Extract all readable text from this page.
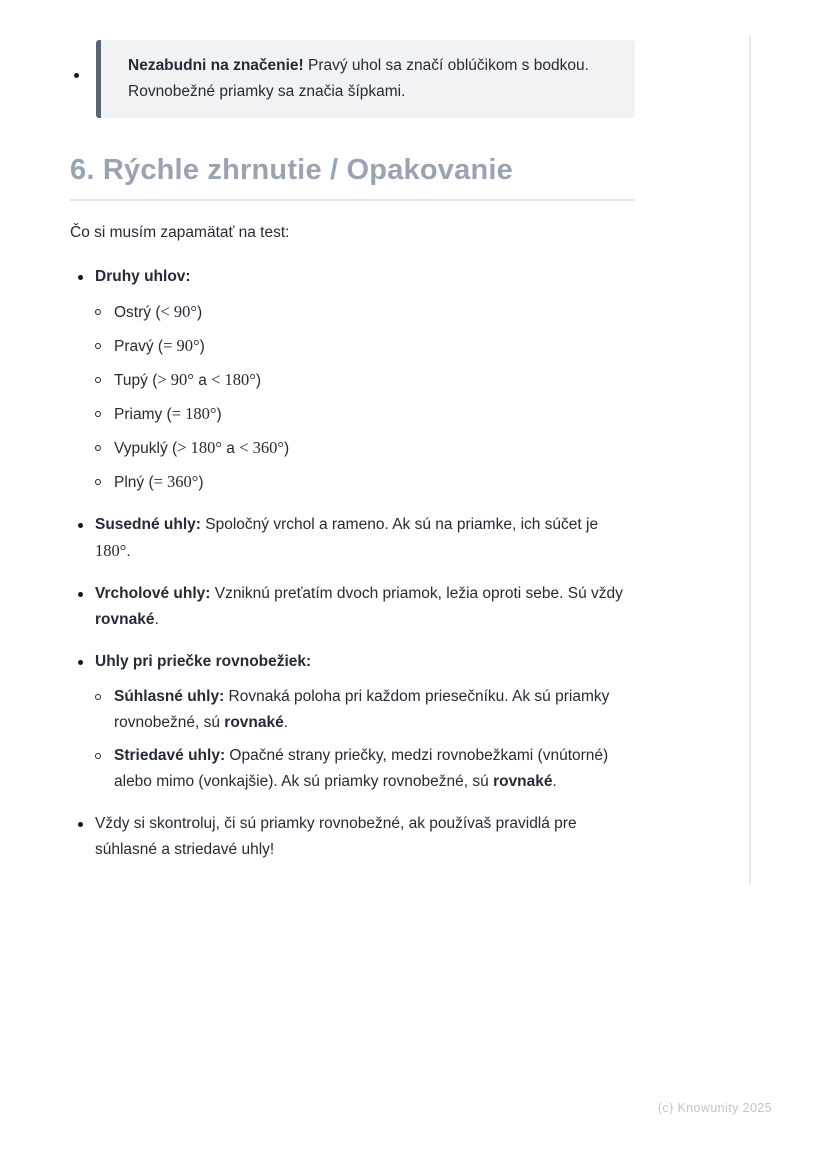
Nezabudni na značenie! Pravý uhol sa značí oblúčikom s bodkou. Rovnobežné priamky sa značia šípkami.
6. Rýchle zhrnutie / Opakovanie

Čo si musím zapamätať na test:

Druhy uhlov:
Ostrý (< 90°)
Pravý (= 90°)
Tupý (> 90° a < 180°)
Priamy (= 180°)
Vypuklý (> 180° a < 360°)
Plný (= 360°)
Susedné uhly: Spoločný vrchol a rameno. Ak sú na priamke, ich súčet je 180°.
Vrcholové uhly: Vzniknú preťatím dvoch priamok, ležia oproti sebe. Sú vždy rovnaké.
Uhly pri priečke rovnobežiek:
Súhlasné uhly: Rovnaká poloha pri každom priesečníku. Ak sú priamky rovnobežné, sú rovnaké.
Striedavé uhly: Opačné strany priečky, medzi rovnobežkami (vnútorné) alebo mimo (vonkajšie). Ak sú priamky rovnobežné, sú rovnaké.
Vždy si skontroluj, či sú priamky rovnobežné, ak používaš pravidlá pre súhlasné a striedavé uhly!
(c) Knowunity 2025
